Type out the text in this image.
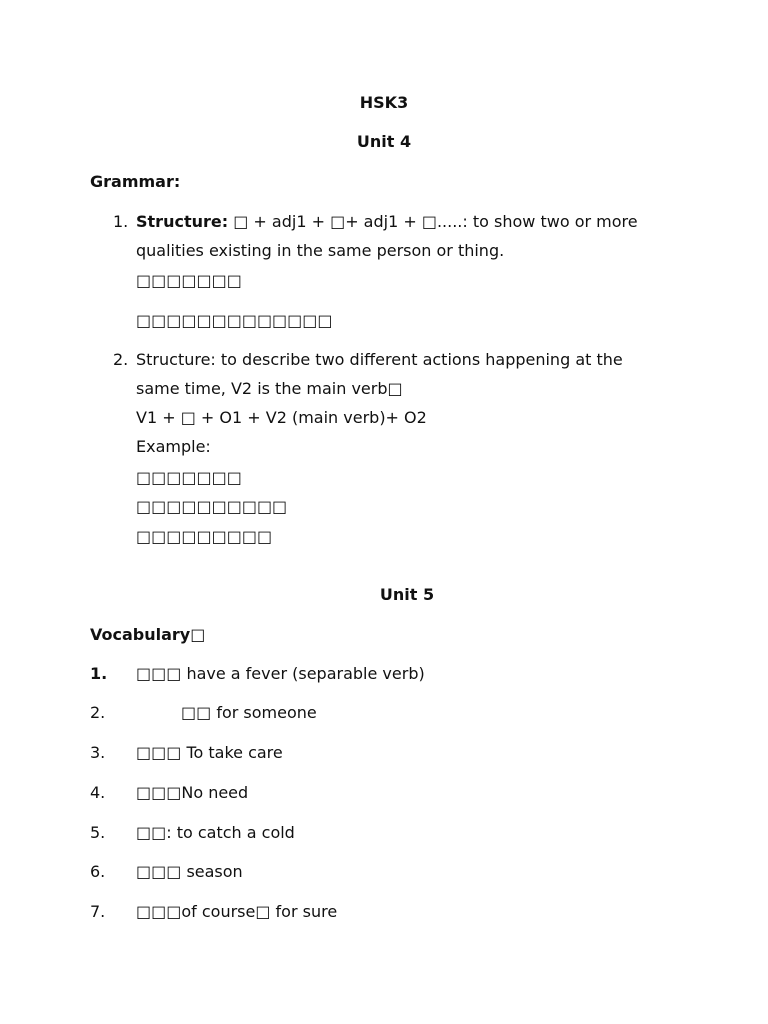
HSK3
Unit 4
Grammar:
1. Structure: □ + adj1 + □+ adj1 + □.....: to show two or more
qualities existing in the same person or thing.
□□□□□□□
□□□□□□□□□□□□□
2. Structure: to describe two different actions happening at the
same time, V2 is the main verb□
V1 + □ + O1 + V2 (main verb)+ O2
Example:
□□□□□□□
□□□□□□□□□□
□□□□□□□□□
Unit 5
Vocabulary□
1. □□□ have a fever (separable verb)
2.	□□ for someone
3. □□□ To take care
4. □□□No need
5. □□: to catch a cold
6. □□□ season
7. □□□of course□ for sure
